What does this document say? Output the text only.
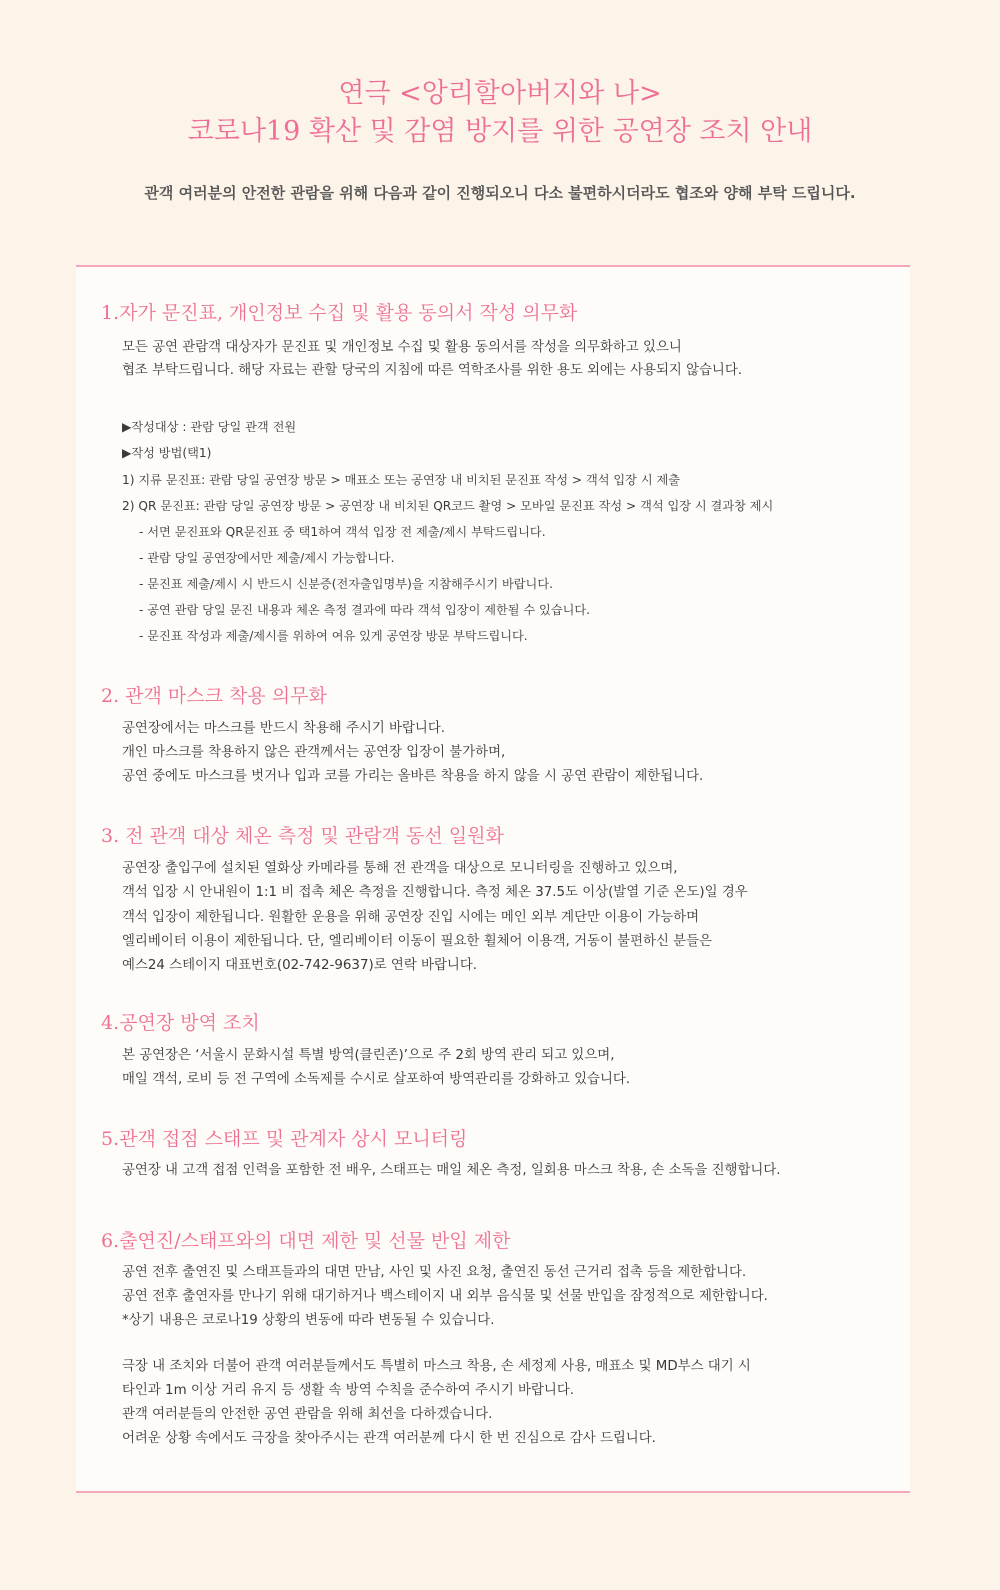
연극 <앙리할아버지와 나>
코로나19 확산 및 감염 방지를 위한 공연장 조치 안내
관객 여러분의 안전한 관람을 위해 다음과 같이 진행되오니 다소 불편하시더라도 협조와 양해 부탁 드립니다.
1.자가 문진표, 개인정보 수집 및 활용 동의서 작성 의무화
모든 공연 관람객 대상자가 문진표 및 개인정보 수집 및 활용 동의서를 작성을 의무화하고 있으니
협조 부탁드립니다. 해당 자료는 관할 당국의 지침에 따른 역학조사를 위한 용도 외에는 사용되지 않습니다.
▶작성대상 : 관람 당일 관객 전원
▶작성 방법(택1)
1) 지류 문진표: 관람 당일 공연장 방문 > 매표소 또는 공연장 내 비치된 문진표 작성 > 객석 입장 시 제출
2) QR 문진표: 관람 당일 공연장 방문 > 공연장 내 비치된 QR코드 촬영 > 모바일 문진표 작성 > 객석 입장 시 결과창 제시
- 서면 문진표와 QR문진표 중 택1하여 객석 입장 전 제출/제시 부탁드립니다.
- 관람 당일 공연장에서만 제출/제시 가능합니다.
- 문진표 제출/제시 시 반드시 신분증(전자출입명부)을 지참해주시기 바랍니다.
- 공연 관람 당일 문진 내용과 체온 측정 결과에 따라 객석 입장이 제한될 수 있습니다.
- 문진표 작성과 제출/제시를 위하여 여유 있게 공연장 방문 부탁드립니다.
2. 관객 마스크 착용 의무화
공연장에서는 마스크를 반드시 착용해 주시기 바랍니다.
개인 마스크를 착용하지 않은 관객께서는 공연장 입장이 불가하며,
공연 중에도 마스크를 벗거나 입과 코를 가리는 올바른 착용을 하지 않을 시 공연 관람이 제한됩니다.
3. 전 관객 대상 체온 측정 및 관람객 동선 일원화
공연장 출입구에 설치된 열화상 카메라를 통해 전 관객을 대상으로 모니터링을 진행하고 있으며,
객석 입장 시 안내원이 1:1 비 접촉 체온 측정을 진행합니다. 측정 체온 37.5도 이상(발열 기준 온도)일 경우
객석 입장이 제한됩니다. 원활한 운용을 위해 공연장 진입 시에는 메인 외부 계단만 이용이 가능하며
엘리베이터 이용이 제한됩니다. 단, 엘리베이터 이동이 필요한 휠체어 이용객, 거동이 불편하신 분들은
예스24 스테이지 대표번호(02-742-9637)로 연락 바랍니다.
4.공연장 방역 조치
본 공연장은 ‘서울시 문화시설 특별 방역(클린존)’으로 주 2회 방역 관리 되고 있으며,
매일 객석, 로비 등 전 구역에 소독제를 수시로 살포하여 방역관리를 강화하고 있습니다.
5.관객 접점 스태프 및 관계자 상시 모니터링
공연장 내 고객 접점 인력을 포함한 전 배우, 스태프는 매일 체온 측정, 일회용 마스크 착용, 손 소독을 진행합니다.
6.출연진/스태프와의 대면 제한 및 선물 반입 제한
공연 전후 출연진 및 스태프들과의 대면 만남, 사인 및 사진 요청, 출연진 동선 근거리 접촉 등을 제한합니다.
공연 전후 출연자를 만나기 위해 대기하거나 백스테이지 내 외부 음식물 및 선물 반입을 잠정적으로 제한합니다.
*상기 내용은 코로나19 상황의 변동에 따라 변동될 수 있습니다.
극장 내 조치와 더불어 관객 여러분들께서도 특별히 마스크 착용, 손 세정제 사용, 매표소 및 MD부스 대기 시
타인과 1m 이상 거리 유지 등 생활 속 방역 수칙을 준수하여 주시기 바랍니다.
관객 여러분들의 안전한 공연 관람을 위해 최선을 다하겠습니다.
어려운 상황 속에서도 극장을 찾아주시는 관객 여러분께 다시 한 번 진심으로 감사 드립니다.
